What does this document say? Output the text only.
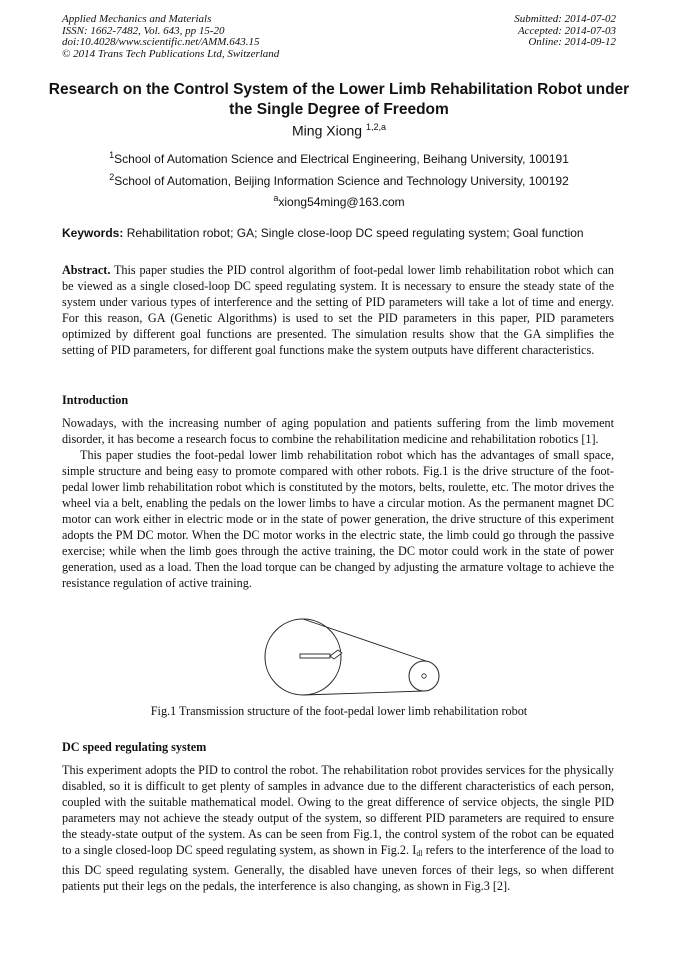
Applied Mechanics and Materials
ISSN: 1662-7482, Vol. 643, pp 15-20
doi:10.4028/www.scientific.net/AMM.643.15
© 2014 Trans Tech Publications Ltd, Switzerland
Submitted: 2014-07-02
Accepted: 2014-07-03
Online: 2014-09-12
Research on the Control System of the Lower Limb Rehabilitation Robot under the Single Degree of Freedom
Ming Xiong $^{1,2,a}$
$^1$School of Automation Science and Electrical Engineering, Beihang University, 100191
$^2$School of Automation, Beijing Information Science and Technology University, 100192
$^a$xiong54ming@163.com
Keywords: Rehabilitation robot; GA; Single close-loop DC speed regulating system; Goal function
Abstract. This paper studies the PID control algorithm of foot-pedal lower limb rehabilitation robot which can be viewed as a single closed-loop DC speed regulating system. It is necessary to ensure the steady state of the system under various types of interference and the setting of PID parameters will take a lot of time and energy. For this reason, GA (Genetic Algorithms) is used to set the PID parameters in this paper, PID parameters optimized by different goal functions are presented. The simulation results show that the GA simplifies the setting of PID parameters, for different goal functions make the system outputs have different characteristics.
Introduction
Nowadays, with the increasing number of aging population and patients suffering from the limb movement disorder, it has become a research focus to combine the rehabilitation medicine and rehabilitation robotics [1].
This paper studies the foot-pedal lower limb rehabilitation robot which has the advantages of small space, simple structure and being easy to promote compared with other robots. Fig.1 is the drive structure of the foot-pedal lower limb rehabilitation robot which is constituted by the motors, belts, roulette, etc. The motor drives the wheel via a belt, enabling the pedals on the lower limbs to have a circular motion. As the permanent magnet DC motor can work either in electric mode or in the state of power generation, the drive structure of this experiment adopts the PM DC motor. When the DC motor works in the electric state, the limb could go through the passive exercise; while when the limb goes through the active training, the DC motor could work in the state of power generation, used as a load. Then the load torque can be changed by adjusting the armature voltage to achieve the resistance regulation of active training.
Fig.1 Transmission structure of the foot-pedal lower limb rehabilitation robot
DC speed regulating system
This experiment adopts the PID to control the robot. The rehabilitation robot provides services for the physically disabled, so it is difficult to get plenty of samples in advance due to the different characteristics of each person, coupled with the suitable mathematical model. Owing to the great difference of service objects, the single PID parameters may not achieve the steady output of the system, so different PID parameters are required to ensure the steady-state output of the system. As can be seen from Fig.1, the control system of the robot can be equated to a single closed-loop DC speed regulating system, as shown in Fig.2. $I_{dl}$ refers to the interference of the load to this DC speed regulating system. Generally, the disabled have uneven forces of their legs, so when different patients put their legs on the pedals, the interference is also changing, as shown in Fig.3 [2].
